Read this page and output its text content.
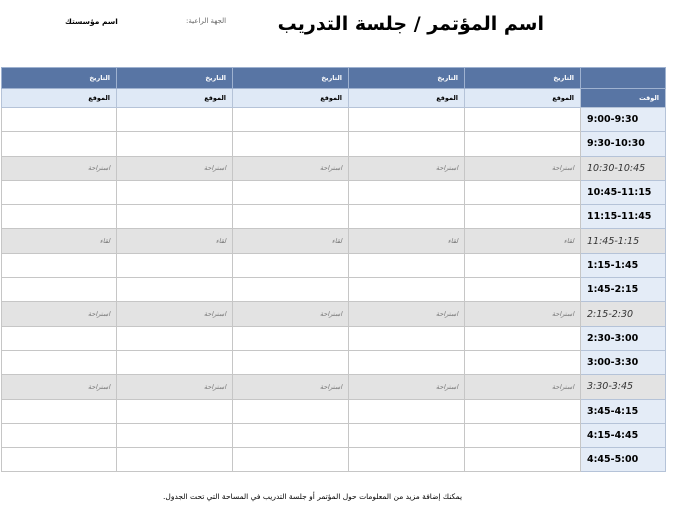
اسم المؤتمر / جلسة التدريب
الجهة الراعية:
اسم مؤسستك
التاريخ	التاريخ	التاريخ	التاريخ	التاريخ	
الموقع	الموقع	الموقع	الموقع	الموقع	الوقت
					9:00-9:30
					9:30-10:30
استراحة	استراحة	استراحة	استراحة	استراحة	10:30-10:45
					10:45-11:15
					11:15-11:45
لقاء	لقاء	لقاء	لقاء	لقاء	11:45-1:15
					1:15-1:45
					1:45-2:15
استراحة	استراحة	استراحة	استراحة	استراحة	2:15-2:30
					2:30-3:00
					3:00-3:30
استراحة	استراحة	استراحة	استراحة	استراحة	3:30-3:45
					3:45-4:15
					4:15-4:45
					4:45-5:00
يمكنك إضافة مزيد من المعلومات حول المؤتمر أو جلسة التدريب في المساحة التي تحت الجدول.
